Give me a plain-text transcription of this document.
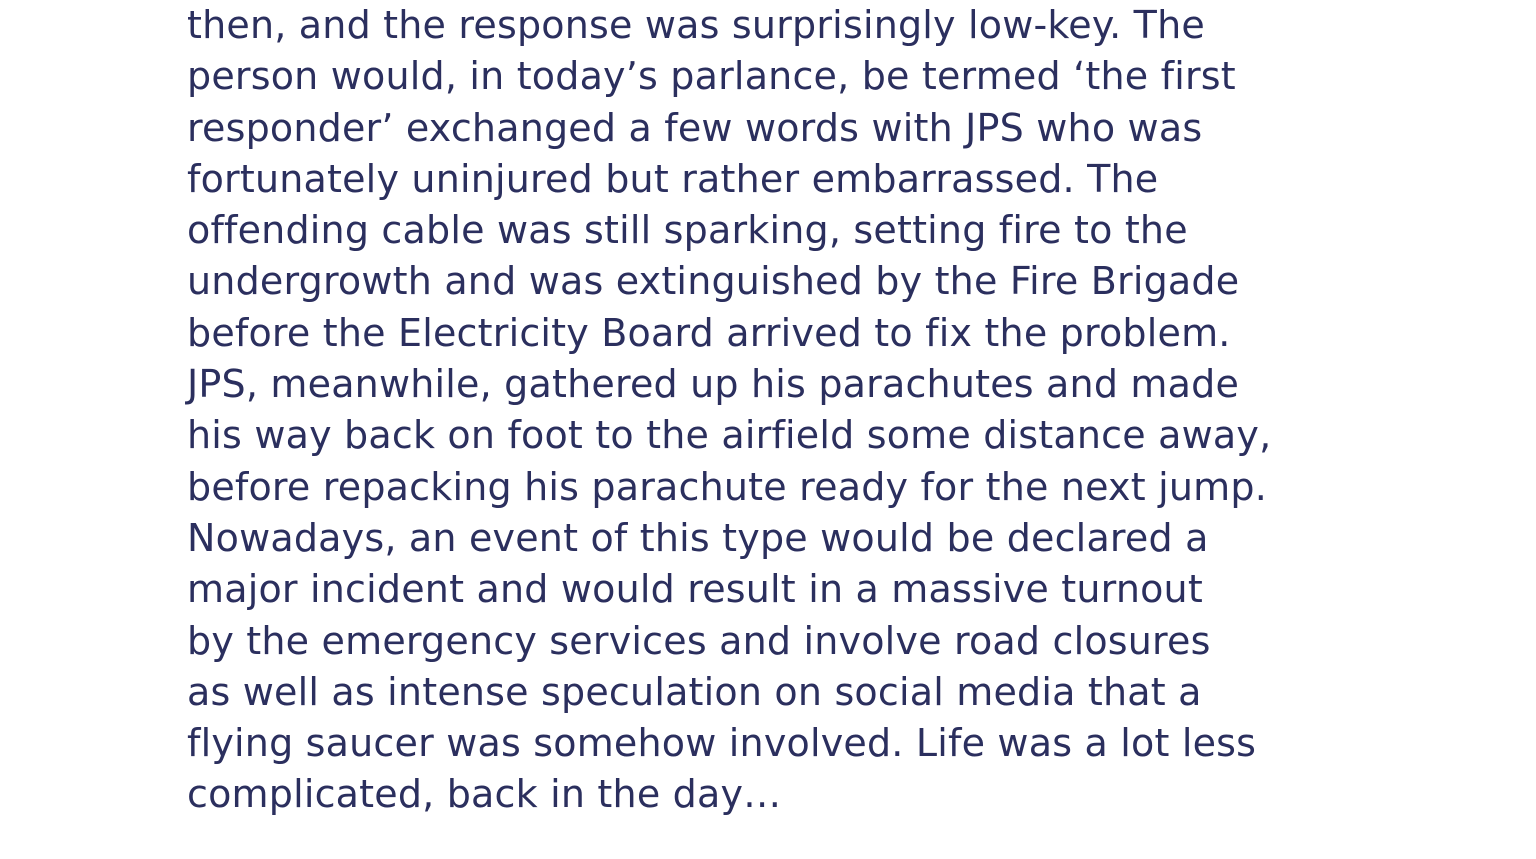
then, and the response was surprisingly low-key. The
person would, in today’s parlance, be termed ‘the first
responder’ exchanged a few words with JPS who was
fortunately uninjured but rather embarrassed. The
offending cable was still sparking, setting fire to the
undergrowth and was extinguished by the Fire Brigade
before the Electricity Board arrived to fix the problem.
JPS, meanwhile, gathered up his parachutes and made
his way back on foot to the airfield some distance away,
before repacking his parachute ready for the next jump.
Nowadays, an event of this type would be declared a
major incident and would result in a massive turnout
by the emergency services and involve road closures
as well as intense speculation on social media that a
flying saucer was somehow involved. Life was a lot less
complicated, back in the day…
